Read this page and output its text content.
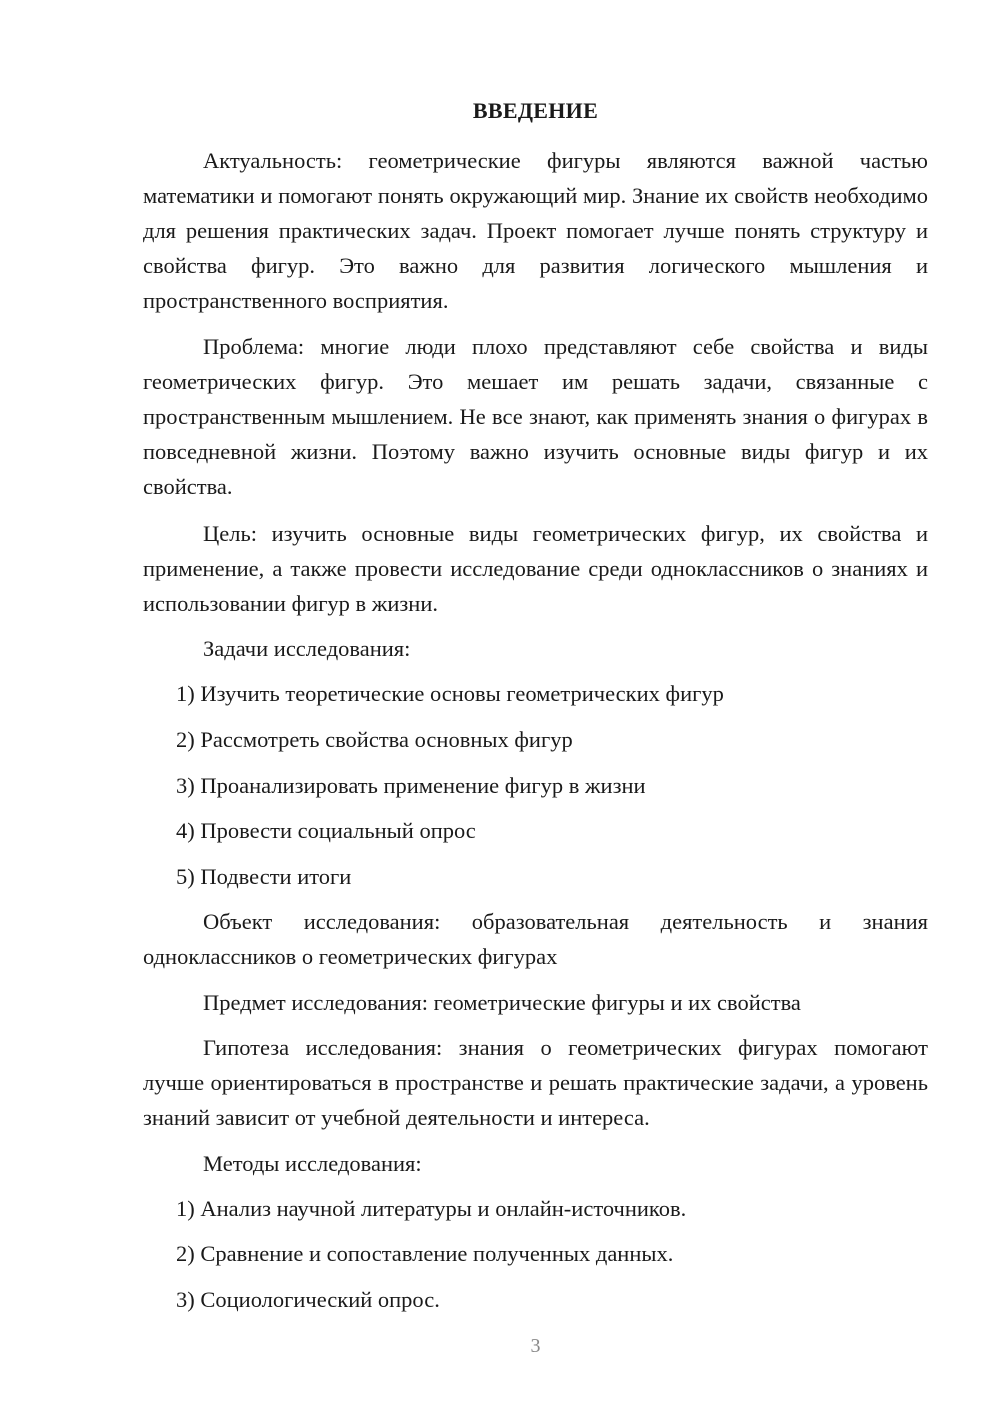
ВВЕДЕНИЕ

Актуальность: геометрические фигуры являются важной частью математики и помогают понять окружающий мир. Знание их свойств необходимо для решения практических задач. Проект помогает лучше понять структуру и свойства фигур. Это важно для развития логического мышления и пространственного восприятия.

Проблема: многие люди плохо представляют себе свойства и виды геометрических фигур. Это мешает им решать задачи, связанные с пространственным мышлением. Не все знают, как применять знания о фигурах в повседневной жизни. Поэтому важно изучить основные виды фигур и их свойства.

Цель: изучить основные виды геометрических фигур, их свойства и применение, а также провести исследование среди одноклассников о знаниях и использовании фигур в жизни.

Задачи исследования:
1) Изучить теоретические основы геометрических фигур
2) Рассмотреть свойства основных фигур
3) Проанализировать применение фигур в жизни
4) Провести социальный опрос
5) Подвести итоги

Объект исследования: образовательная деятельность и знания одноклассников о геометрических фигурах

Предмет исследования: геометрические фигуры и их свойства

Гипотеза исследования: знания о геометрических фигурах помогают лучше ориентироваться в пространстве и решать практические задачи, а уровень знаний зависит от учебной деятельности и интереса.

Методы исследования:
1) Анализ научной литературы и онлайн-источников.
2) Сравнение и сопоставление полученных данных.
3) Социологический опрос.
3
